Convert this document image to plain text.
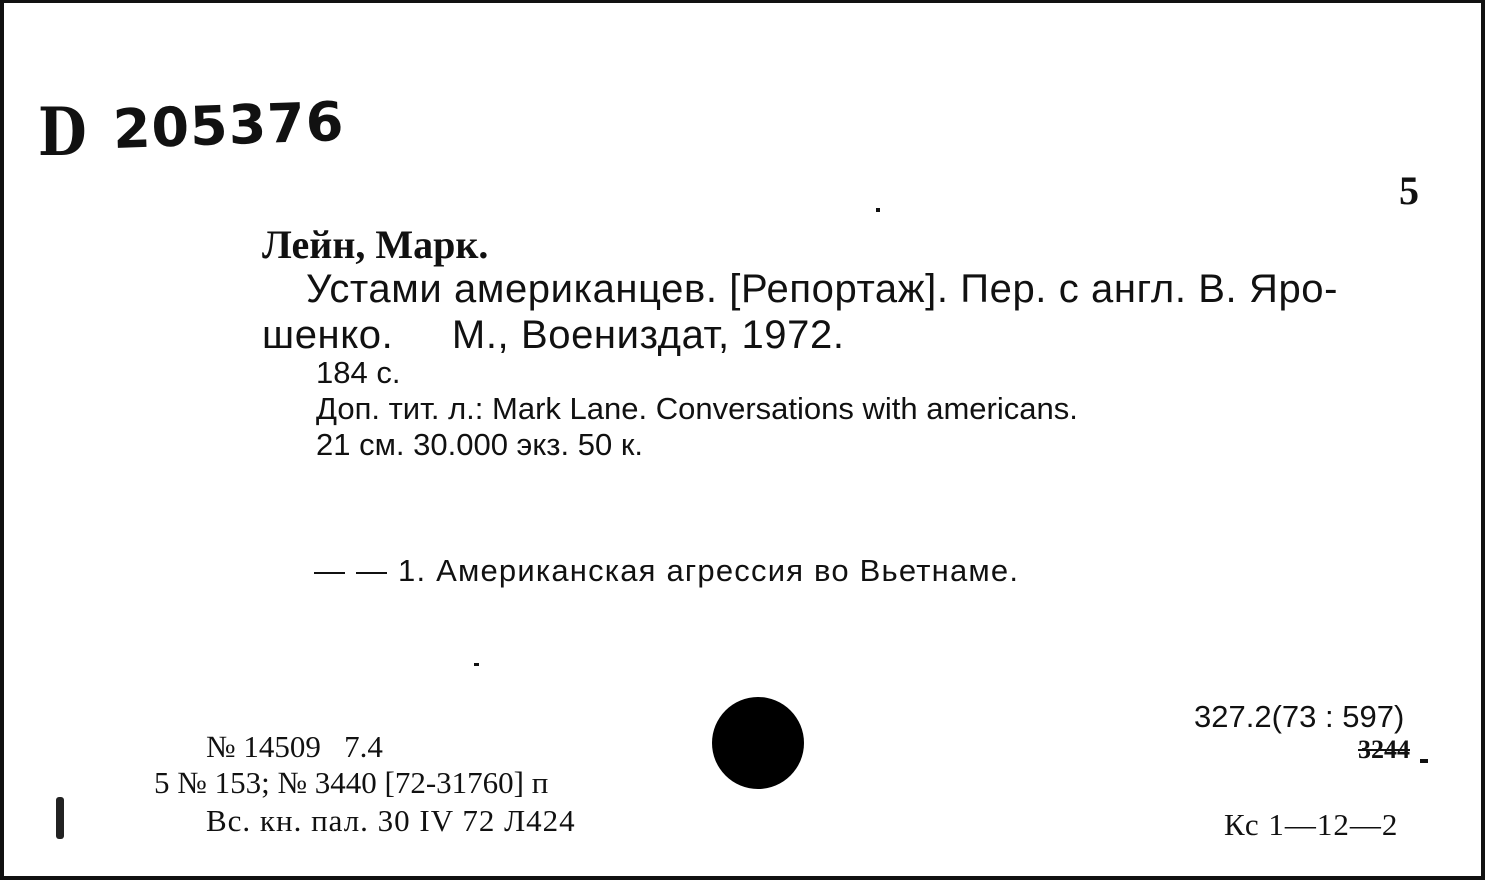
D 205376
5
Лейн, Марк.
Устами американцев. [Репортаж]. Пер. с англ. В. Яро-
шенко.     М., Воениздат, 1972.
184 с.
Доп. тит. л.: Mark Lane. Conversations with americans.
21 см. 30.000 экз. 50 к.
— — 1. Американская агрессия во Вьетнаме.
№ 14509   7.4
5 № 153; № 3440 [72-31760] п
Вс. кн. пал. 30 IV 72 Л424
327.2(73 : 597)
3244
Кс 1—12—2
